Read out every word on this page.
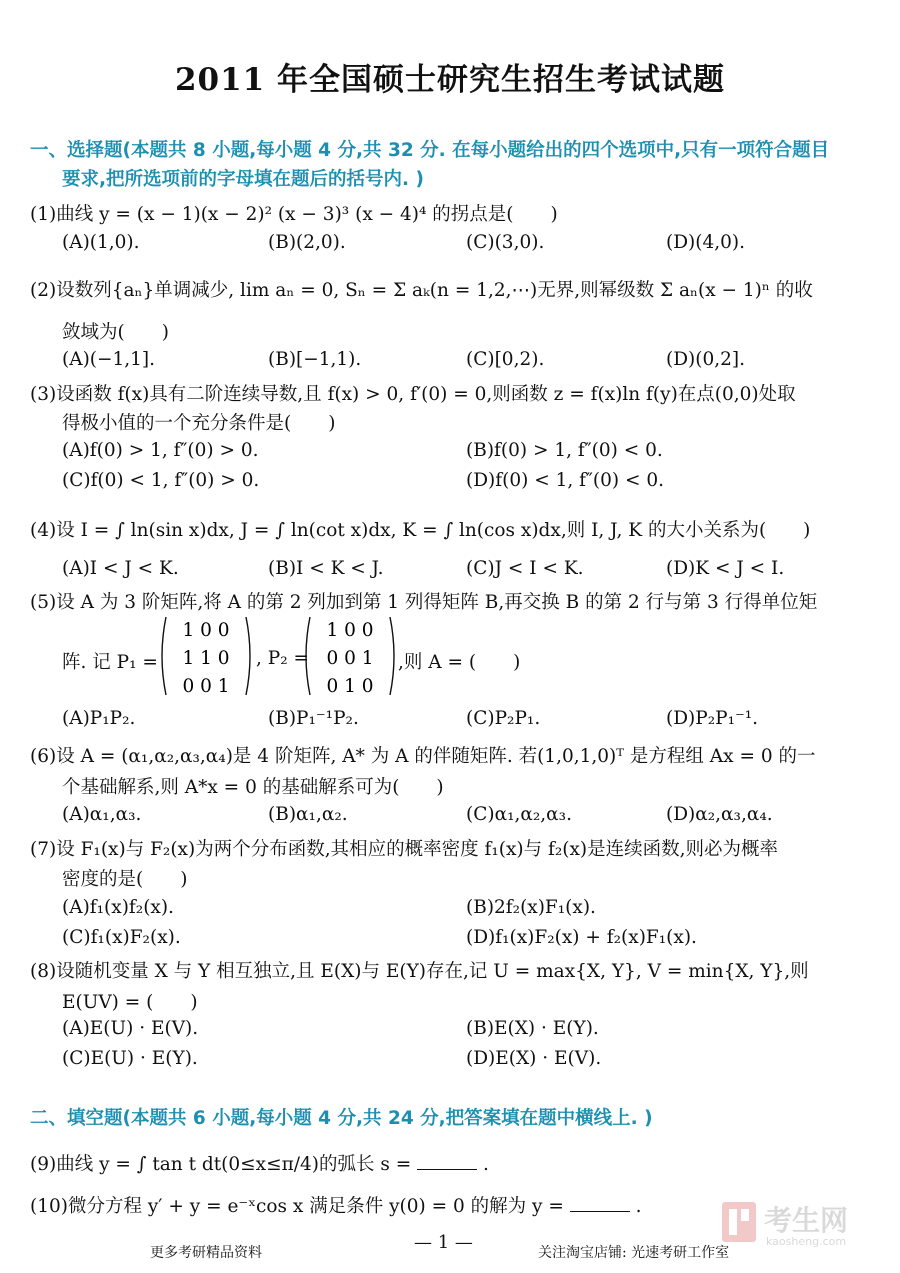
2011 年全国硕士研究生招生考试试题
一、选择题(本题共 8 小题,每小题 4 分,共 32 分. 在每小题给出的四个选项中,只有一项符合题目
要求,把所选项前的字母填在题后的括号内. )
(1)曲线 y = (x − 1)(x − 2)² (x − 3)³ (x − 4)⁴ 的拐点是(　　)
(A)(1,0).	(B)(2,0).	(C)(3,0).	(D)(4,0).
(2)设数列{aₙ}单调减少, lim aₙ = 0, Sₙ = Σ aₖ(n = 1,2,⋯)无界,则幂级数 Σ aₙ(x − 1)ⁿ 的收
敛域为(　　)
(A)(−1,1].	(B)[−1,1).	(C)[0,2).	(D)(0,2].
(3)设函数 f(x)具有二阶连续导数,且 f(x) > 0, f′(0) = 0,则函数 z = f(x)ln f(y)在点(0,0)处取
得极小值的一个充分条件是(　　)
(A)f(0) > 1, f″(0) > 0.	(B)f(0) > 1, f″(0) < 0.
(C)f(0) < 1, f″(0) > 0.	(D)f(0) < 1, f″(0) < 0.
(4)设 I = ∫ ln(sin x)dx, J = ∫ ln(cot x)dx, K = ∫ ln(cos x)dx,则 I, J, K 的大小关系为(　　)
(A)I < J < K.	(B)I < K < J.	(C)J < I < K.	(D)K < J < I.
(5)设 A 为 3 阶矩阵,将 A 的第 2 列加到第 1 列得矩阵 B,再交换 B 的第 2 行与第 3 行得单位矩
阵. 记 P₁ =
1 0 0
1 1 0
0 0 1
, P₂ =
1 0 0
0 0 1
0 1 0
,则 A = (　　)
(A)P₁P₂.	(B)P₁⁻¹P₂.	(C)P₂P₁.	(D)P₂P₁⁻¹.
(6)设 A = (α₁,α₂,α₃,α₄)是 4 阶矩阵, A* 为 A 的伴随矩阵. 若(1,0,1,0)ᵀ 是方程组 Ax = 0 的一
个基础解系,则 A*x = 0 的基础解系可为(　　)
(A)α₁,α₃.	(B)α₁,α₂.	(C)α₁,α₂,α₃.	(D)α₂,α₃,α₄.
(7)设 F₁(x)与 F₂(x)为两个分布函数,其相应的概率密度 f₁(x)与 f₂(x)是连续函数,则必为概率
密度的是(　　)
(A)f₁(x)f₂(x).	(B)2f₂(x)F₁(x).
(C)f₁(x)F₂(x).	(D)f₁(x)F₂(x) + f₂(x)F₁(x).
(8)设随机变量 X 与 Y 相互独立,且 E(X)与 E(Y)存在,记 U = max{X, Y}, V = min{X, Y},则
E(UV) = (　　)
(A)E(U) · E(V).	(B)E(X) · E(Y).
(C)E(U) · E(Y).	(D)E(X) · E(V).
二、填空题(本题共 6 小题,每小题 4 分,共 24 分,把答案填在题中横线上. )
(9)曲线 y = ∫ tan t dt(0≤x≤π/4)的弧长 s =	.
(10)微分方程 y′ + y = e⁻ˣcos x 满足条件 y(0) = 0 的解为 y =	.	考生网
kaosheng.com
更多考研精品资料	— 1 —	关注淘宝店铺: 光速考研工作室
